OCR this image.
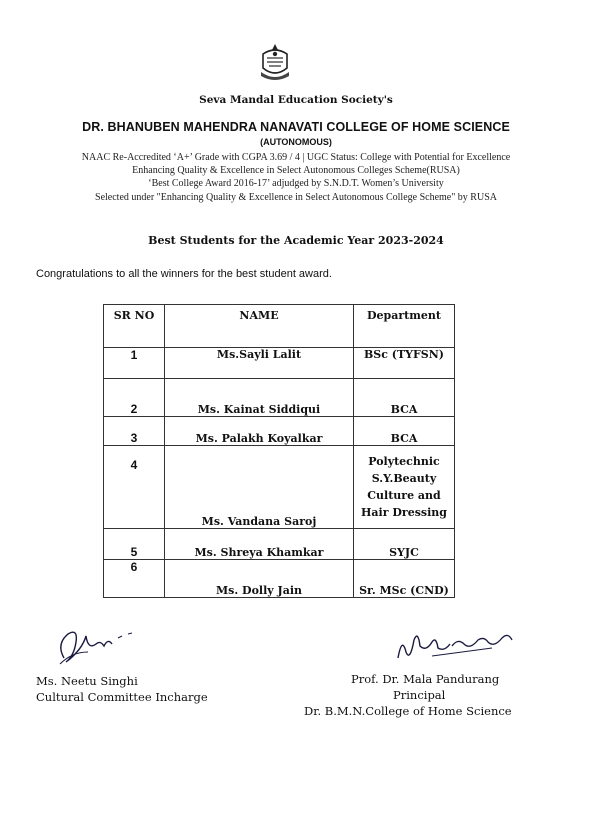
Seva Mandal Education Society's
DR. BHANUBEN MAHENDRA NANAVATI COLLEGE OF HOME SCIENCE
(AUTONOMOUS)
NAAC Re-Accredited ‘A+’ Grade with CGPA 3.69 / 4 | UGC Status: College with Potential for Excellence
Enhancing Quality & Excellence in Select Autonomous Colleges Scheme(RUSA)
‘Best College Award 2016-17’ adjudged by S.N.D.T. Women’s University
Selected under "Enhancing Quality & Excellence in Select Autonomous College Scheme" by RUSA
Best Students for the Academic Year 2023-2024
Congratulations to all the winners for the best student award.
SR NO	NAME	Department
1	Ms.Sayli Lalit	BSc (TYFSN)
2	Ms. Kainat Siddiqui	BCA
3	Ms. Palakh Koyalkar	BCA
4	Ms. Vandana Saroj	Polytechnic
S.Y.Beauty
Culture and
Hair Dressing

5	Ms. Shreya Khamkar	SYJC
6	Ms. Dolly Jain	Sr. MSc (CND)
Ms. Neetu Singhi
Cultural Committee Incharge
Prof. Dr. Mala Pandurang
Principal
Dr. B.M.N.College of Home Science
